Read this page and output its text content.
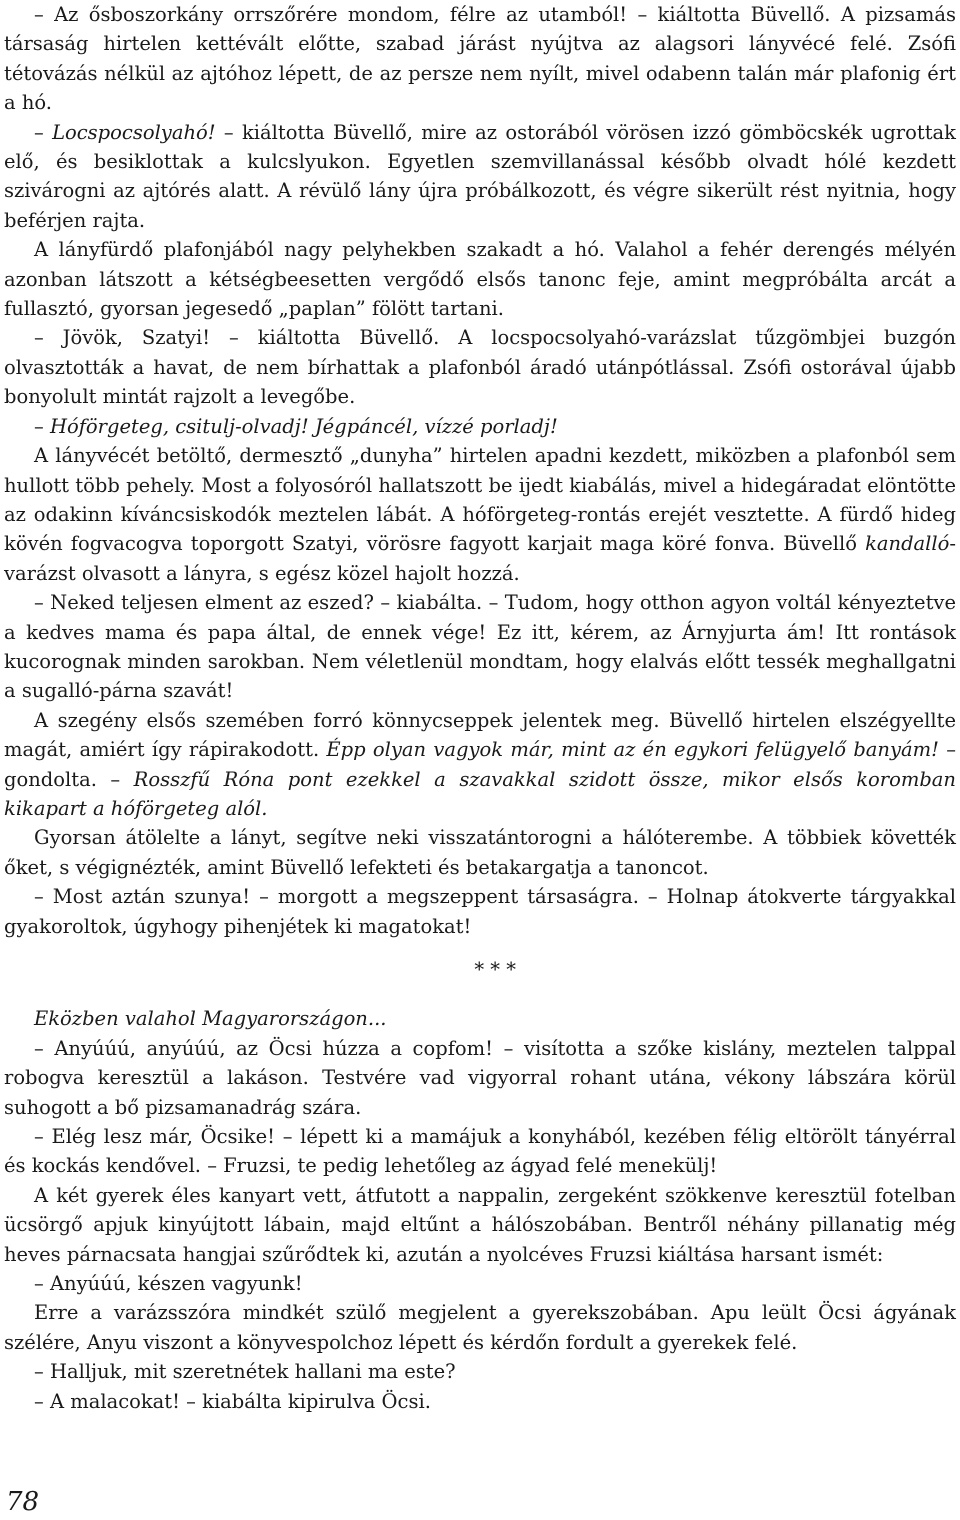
– Az ősboszorkány orrszőrére mondom, félre az utamból! – kiáltotta Büvellő. A pizsamás társaság hirtelen kettévált előtte, szabad járást nyújtva az alagsori lányvécé felé. Zsófi tétovázás nélkül az ajtóhoz lépett, de az persze nem nyílt, mivel odabenn talán már plafonig ért a hó.

– Locspocsolyahó! – kiáltotta Büvellő, mire az ostorából vörösen izzó gömböcskék ugrottak elő, és besiklottak a kulcslyukon. Egyetlen szemvillanással később olvadt hólé kezdett szivárogni az ajtórés alatt. A révülő lány újra próbálkozott, és végre sikerült rést nyitnia, hogy beférjen rajta.

A lányfürdő plafonjából nagy pelyhekben szakadt a hó. Valahol a fehér derengés mélyén azonban látszott a kétségbeesetten vergődő elsős tanonc feje, amint megpróbálta arcát a fullasztó, gyorsan jegesedő „paplan” fölött tartani.

– Jövök, Szatyi! – kiáltotta Büvellő. A locspocsolyahó-varázslat tűzgömbjei buzgón olvasztották a havat, de nem bírhattak a plafonból áradó utánpótlással. Zsófi ostorával újabb bonyolult mintát rajzolt a levegőbe.

– Hóförgeteg, csitulj-olvadj! Jégpáncél, vízzé porladj!

A lányvécét betöltő, dermesztő „dunyha” hirtelen apadni kezdett, miközben a plafonból sem hullott több pehely. Most a folyosóról hallatszott be ijedt kiabálás, mivel a hidegáradat elöntötte az odakinn kíváncsiskodók meztelen lábát. A hóförgeteg-rontás erejét vesztette. A fürdő hideg kövén fogvacogva toporgott Szatyi, vörösre fagyott karjait maga köré fonva. Büvellő kandalló-varázst olvasott a lányra, s egész közel hajolt hozzá.

– Neked teljesen elment az eszed? – kiabálta. – Tudom, hogy otthon agyon voltál kényeztetve a kedves mama és papa által, de ennek vége! Ez itt, kérem, az Árnyjurta ám! Itt rontások kucorognak minden sarokban. Nem véletlenül mondtam, hogy elalvás előtt tessék meghallgatni a sugalló-párna szavát!

A szegény elsős szemében forró könnycseppek jelentek meg. Büvellő hirtelen elszégyellte magát, amiért így rápirakodott. Épp olyan vagyok már, mint az én egykori felügyelő banyám! – gondolta. – Rosszfű Róna pont ezekkel a szavakkal szidott össze, mikor elsős koromban kikapart a hóförgeteg alól.

Gyorsan átölelte a lányt, segítve neki visszatántorogni a hálóterembe. A többiek követték őket, s végignézték, amint Büvellő lefekteti és betakargatja a tanoncot.

– Most aztán szunya! – morgott a megszeppent társaságra. – Holnap átokverte tárgyakkal gyakoroltok, úgyhogy pihenjétek ki magatokat!

* * *

Eközben valahol Magyarországon...

– Anyúúú, anyúúú, az Öcsi húzza a copfom! – visította a szőke kislány, meztelen talppal robogva keresztül a lakáson. Testvére vad vigyorral rohant utána, vékony lábszára körül suhogott a bő pizsamanadrág szára.

– Elég lesz már, Öcsike! – lépett ki a mamájuk a konyhából, kezében félig eltörölt tányérral és kockás kendővel. – Fruzsi, te pedig lehetőleg az ágyad felé menekülj!

A két gyerek éles kanyart vett, átfutott a nappalin, zergeként szökkenve keresztül fotelban ücsörgő apjuk kinyújtott lábain, majd eltűnt a hálószobában. Bentről néhány pillanatig még heves párnacsata hangjai szűrődtek ki, azután a nyolcéves Fruzsi kiáltása harsant ismét:

– Anyúúú, készen vagyunk!

Erre a varázsszóra mindkét szülő megjelent a gyerekszobában. Apu leült Öcsi ágyának szélére, Anyu viszont a könyvespolchoz lépett és kérdőn fordult a gyerekek felé.

– Halljuk, mit szeretnétek hallani ma este?

– A malacokat! – kiabálta kipirulva Öcsi.

78
